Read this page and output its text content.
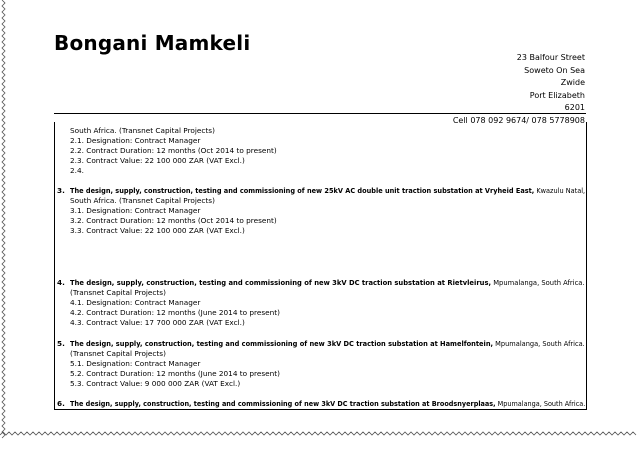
Bongani Mamkeli
23 Balfour Street
Soweto On Sea
Zwide
Port Elizabeth
6201
Cell 078 092 9674/ 078 5778908
South Africa. (Transnet Capital Projects)
2.1. Designation: Contract Manager
2.2. Contract Duration: 12 months (Oct 2014 to present)
2.3. Contract Value: 22 100 000 ZAR (VAT Excl.)
2.4.
3. The design, supply, construction, testing and commissioning of new 25kV AC double unit traction substation at Vryheid East, Kwazulu Natal,
South Africa. (Transnet Capital Projects)
3.1. Designation: Contract Manager
3.2. Contract Duration: 12 months (Oct 2014 to present)
3.3. Contract Value: 22 100 000 ZAR (VAT Excl.)
4. The design, supply, construction, testing and commissioning of new 3kV DC traction substation at Rietvleirus, Mpumalanga, South Africa.
(Transnet Capital Projects)
4.1. Designation: Contract Manager
4.2. Contract Duration: 12 months (June 2014 to present)
4.3. Contract Value: 17 700 000 ZAR (VAT Excl.)
5. The design, supply, construction, testing and commissioning of new 3kV DC traction substation at Hamelfontein, Mpumalanga, South Africa.
(Transnet Capital Projects)
5.1. Designation: Contract Manager
5.2. Contract Duration: 12 months (June 2014 to present)
5.3. Contract Value: 9 000 000 ZAR (VAT Excl.)
6. The design, supply, construction, testing and commissioning of new 3kV DC traction substation at Broodsnyerplaas, Mpumalanga, South Africa.
